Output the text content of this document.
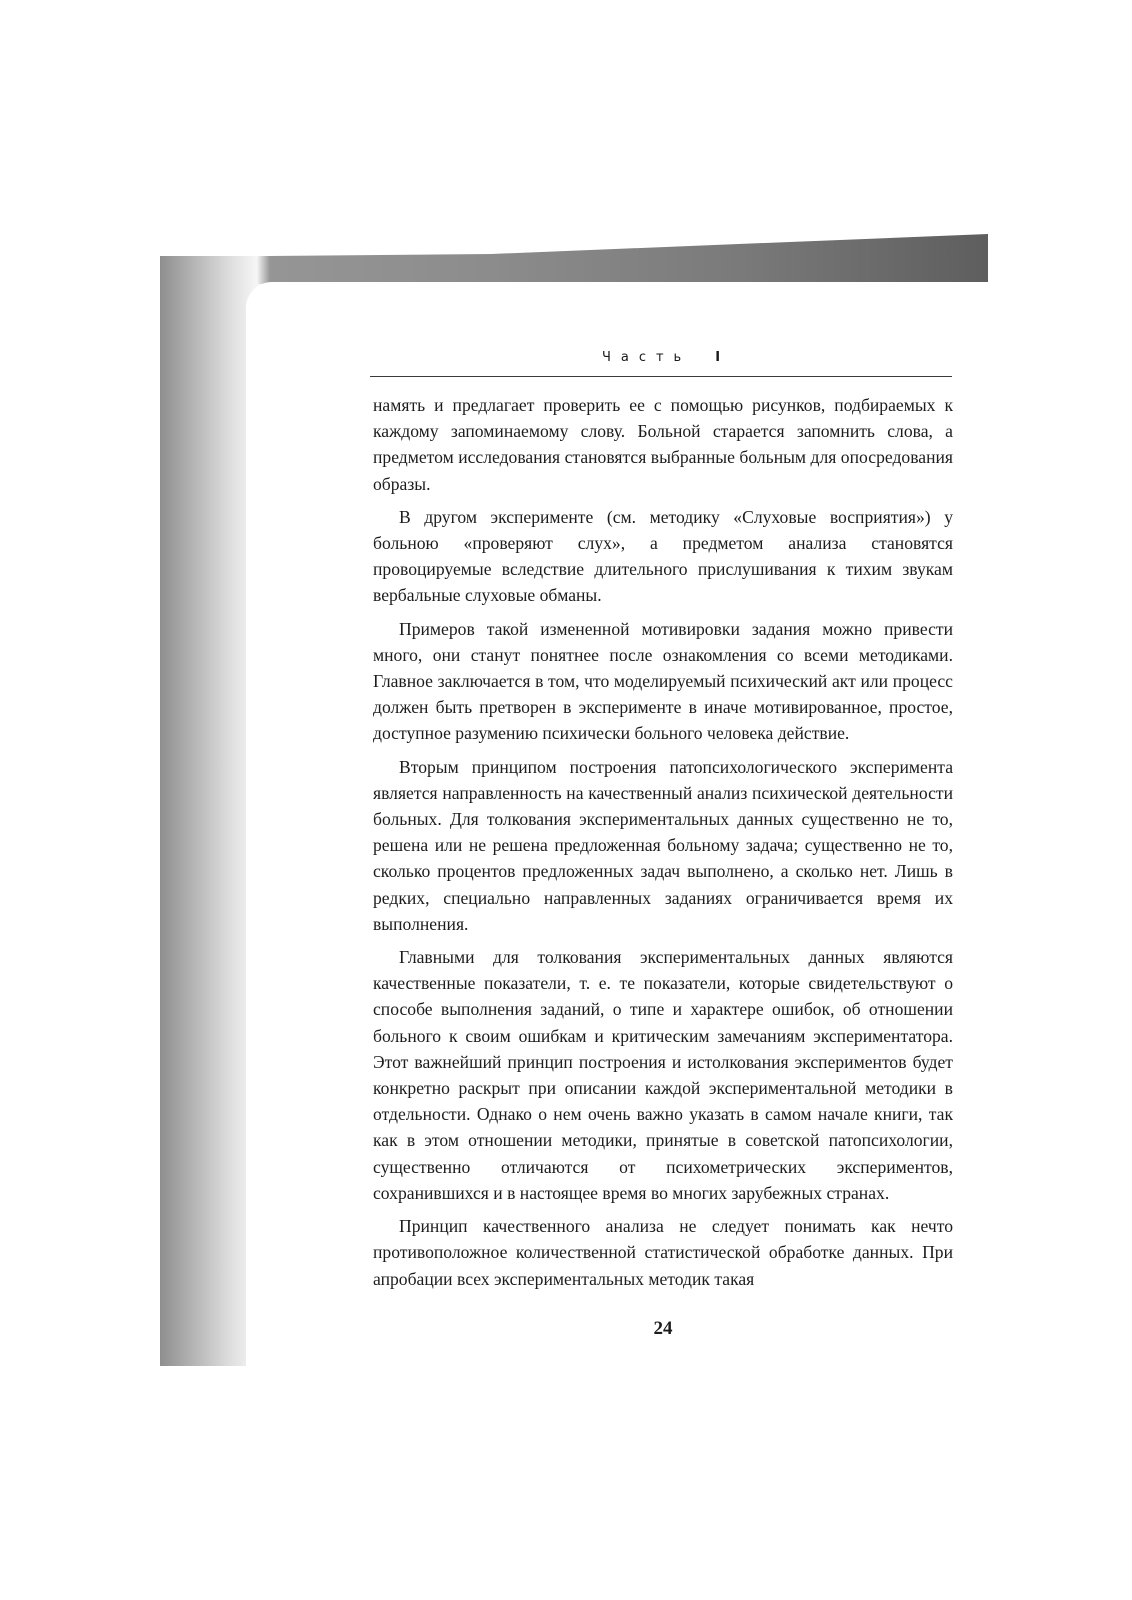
Часть I

намять и предлагает проверить ее с помощью рисунков, подбираемых к каждому запоминаемому слову. Больной старается запомнить слова, а предметом исследования становятся выбранные больным для опосредования образы.

В другом эксперименте (см. методику «Слуховые восприятия») у больною «проверяют слух», а предметом анализа становятся провоцируемые вследствие длительного прислушивания к тихим звукам вербальные слуховые обманы.

Примеров такой измененной мотивировки задания можно привести много, они станут понятнее после ознакомления со всеми методиками. Главное заключается в том, что моделируемый психический акт или процесс должен быть претворен в эксперименте в иначе мотивированное, простое, доступное разумению психически больного человека действие.

Вторым принципом построения патопсихологического эксперимента является направленность на качественный анализ психической деятельности больных. Для толкования экспериментальных данных существенно не то, решена или не решена предложенная больному задача; существенно не то, сколько процентов предложенных задач выполнено, а сколько нет. Лишь в редких, специально направленных заданиях ограничивается время их выполнения.

Главными для толкования экспериментальных данных являются качественные показатели, т. е. те показатели, которые свидетельствуют о способе выполнения заданий, о типе и характере ошибок, об отношении больного к своим ошибкам и критическим замечаниям экспериментатора. Этот важнейший принцип построения и истолкования экспериментов будет конкретно раскрыт при описании каждой экспериментальной методики в отдельности. Однако о нем очень важно указать в самом начале книги, так как в этом отношении методики, принятые в советской патопсихологии, существенно отличаются от психометрических экспериментов, сохранившихся и в настоящее время во многих зарубежных странах.

Принцип качественного анализа не следует понимать как нечто противоположное количественной статистической обработке данных. При апробации всех экспериментальных методик такая

24
